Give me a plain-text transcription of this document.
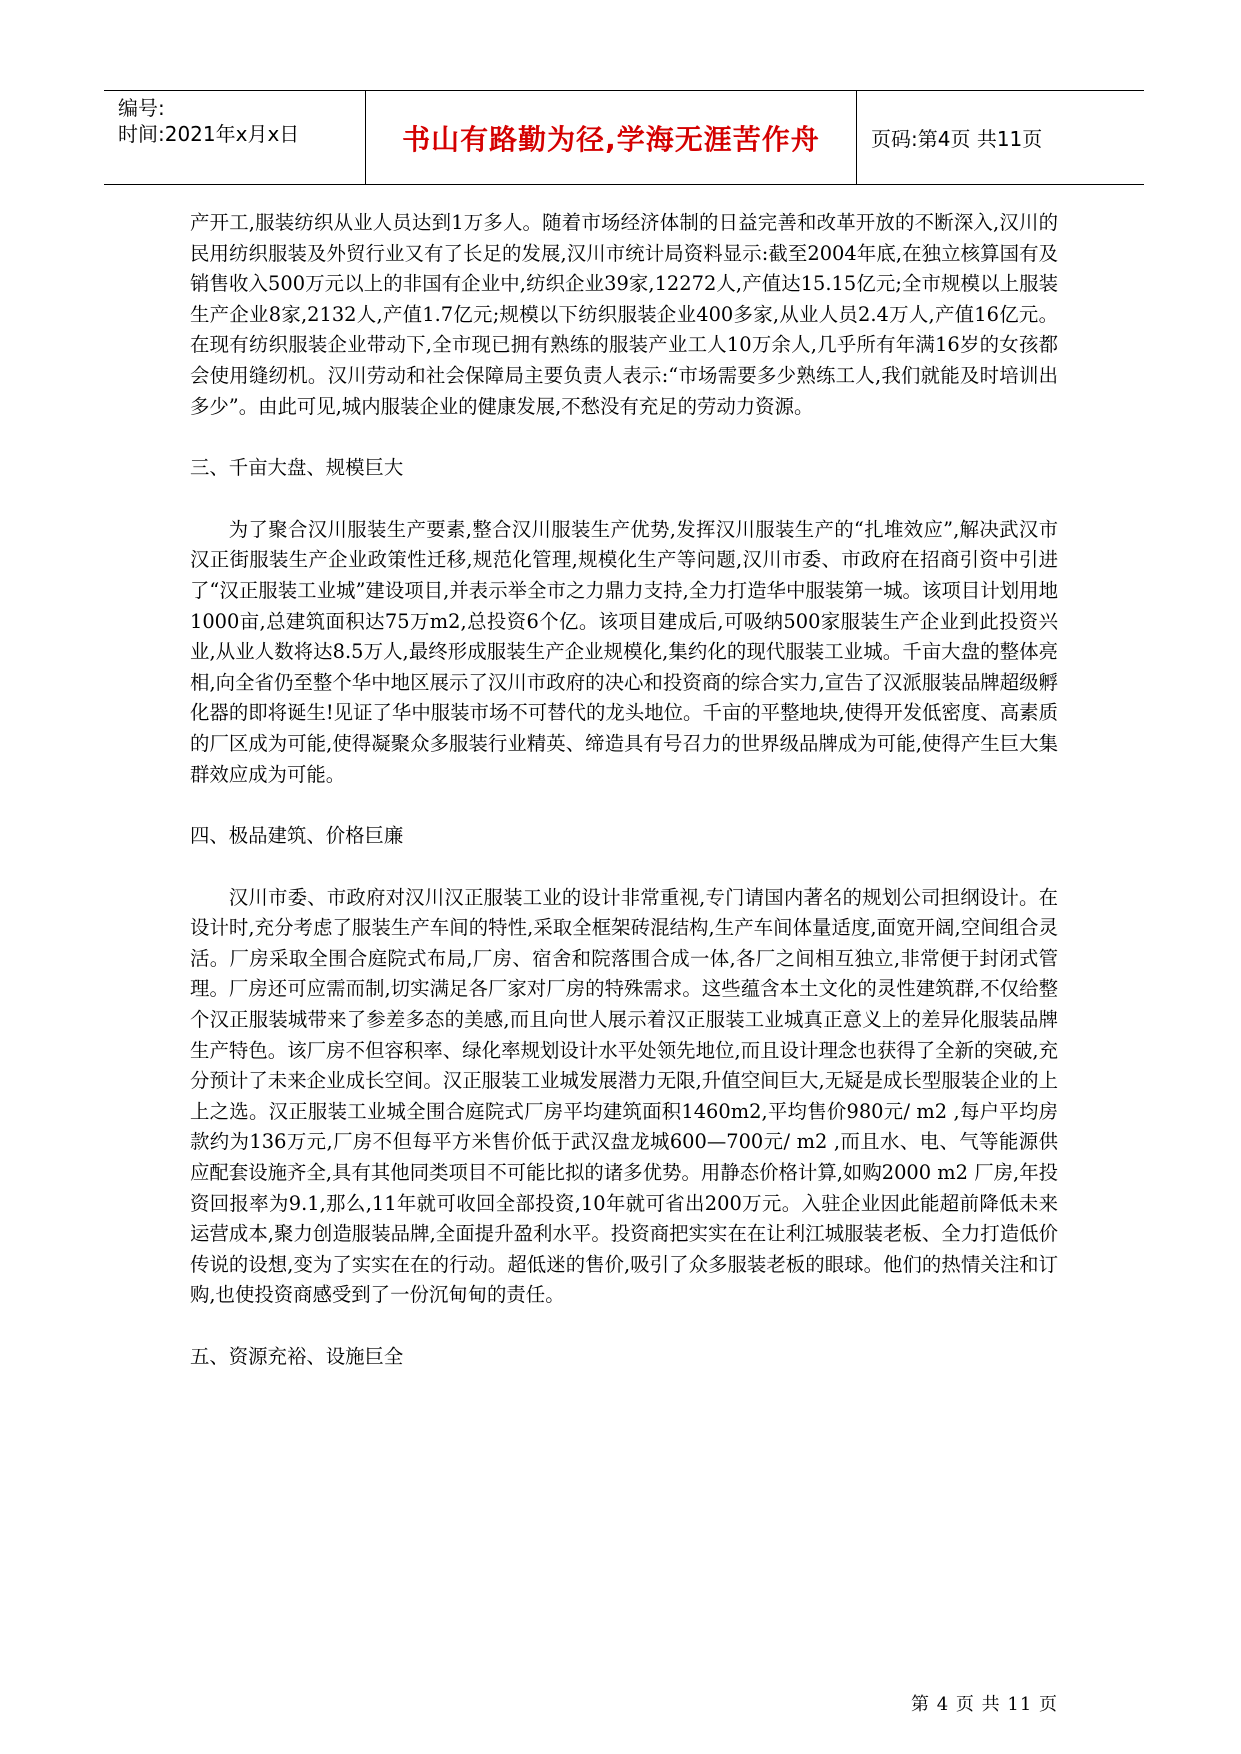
编号:
时间:2021年x月x日	书山有路勤为径,学海无涯苦作舟	页码:第4页 共11页

产开工,服装纺织从业人员达到1万多人。随着市场经济体制的日益完善和改革开放的不断深入,汉川的民用纺织服装及外贸行业又有了长足的发展,汉川市统计局资料显示:截至2004年底,在独立核算国有及销售收入500万元以上的非国有企业中,纺织企业39家,12272人,产值达15.15亿元;全市规模以上服装生产企业8家,2132人,产值1.7亿元;规模以下纺织服装企业400多家,从业人员2.4万人,产值16亿元。在现有纺织服装企业带动下,全市现已拥有熟练的服装产业工人10万余人,几乎所有年满16岁的女孩都会使用缝纫机。汉川劳动和社会保障局主要负责人表示:“市场需要多少熟练工人,我们就能及时培训出多少”。由此可见,城内服装企业的健康发展,不愁没有充足的劳动力资源。

三、千亩大盘、规模巨大

为了聚合汉川服装生产要素,整合汉川服装生产优势,发挥汉川服装生产的“扎堆效应”,解决武汉市汉正街服装生产企业政策性迁移,规范化管理,规模化生产等问题,汉川市委、市政府在招商引资中引进了“汉正服装工业城”建设项目,并表示举全市之力鼎力支持,全力打造华中服装第一城。该项目计划用地1000亩,总建筑面积达75万m2,总投资6个亿。该项目建成后,可吸纳500家服装生产企业到此投资兴业,从业人数将达8.5万人,最终形成服装生产企业规模化,集约化的现代服装工业城。千亩大盘的整体亮相,向全省仍至整个华中地区展示了汉川市政府的决心和投资商的综合实力,宣告了汉派服装品牌超级孵化器的即将诞生!见证了华中服装市场不可替代的龙头地位。千亩的平整地块,使得开发低密度、高素质的厂区成为可能,使得凝聚众多服装行业精英、缔造具有号召力的世界级品牌成为可能,使得产生巨大集群效应成为可能。

四、极品建筑、价格巨廉

汉川市委、市政府对汉川汉正服装工业的设计非常重视,专门请国内著名的规划公司担纲设计。在设计时,充分考虑了服装生产车间的特性,采取全框架砖混结构,生产车间体量适度,面宽开阔,空间组合灵活。厂房采取全围合庭院式布局,厂房、宿舍和院落围合成一体,各厂之间相互独立,非常便于封闭式管理。厂房还可应需而制,切实满足各厂家对厂房的特殊需求。这些蕴含本土文化的灵性建筑群,不仅给整个汉正服装城带来了参差多态的美感,而且向世人展示着汉正服装工业城真正意义上的差异化服装品牌生产特色。该厂房不但容积率、绿化率规划设计水平处领先地位,而且设计理念也获得了全新的突破,充分预计了未来企业成长空间。汉正服装工业城发展潜力无限,升值空间巨大,无疑是成长型服装企业的上上之选。汉正服装工业城全围合庭院式厂房平均建筑面积1460m2,平均售价980元/ m2 ,每户平均房款约为136万元,厂房不但每平方米售价低于武汉盘龙城600—700元/ m2 ,而且水、电、气等能源供应配套设施齐全,具有其他同类项目不可能比拟的诸多优势。用静态价格计算,如购2000 m2 厂房,年投资回报率为9.1,那么,11年就可收回全部投资,10年就可省出200万元。入驻企业因此能超前降低未来运营成本,聚力创造服装品牌,全面提升盈利水平。投资商把实实在在让利江城服装老板、全力打造低价传说的设想,变为了实实在在的行动。超低迷的售价,吸引了众多服装老板的眼球。他们的热情关注和订购,也使投资商感受到了一份沉甸甸的责任。

五、资源充裕、设施巨全

第 4 页 共 11 页
